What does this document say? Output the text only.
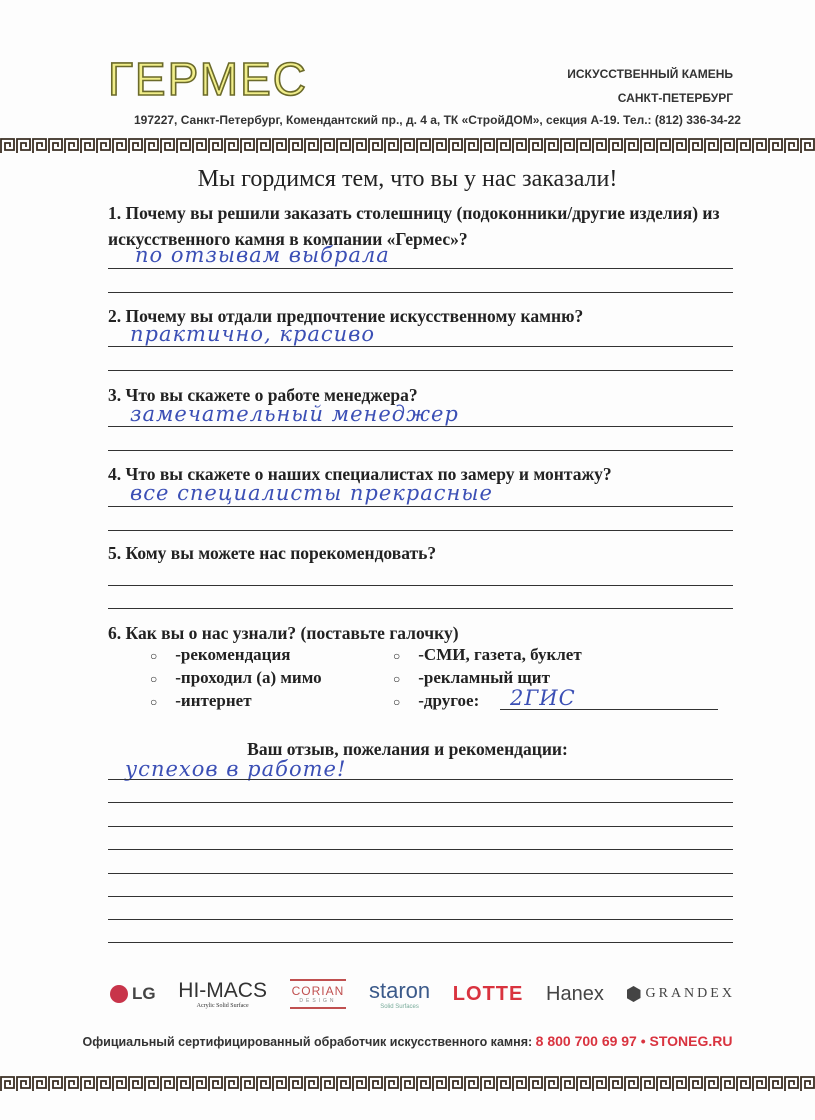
ГЕРМЕС	ИСКУССТВЕННЫЙ КАМЕНЬ
САНКТ-ПЕТЕРБУРГ
197227, Санкт-Петербург, Комендантский пр., д. 4 а, ТК «СтройДОМ», секция А-19. Тел.: (812) 336-34-22
Мы гордимся тем, что вы у нас заказали!
1. Почему вы решили заказать столешницу (подоконники/другие изделия) из искусственного камня в компании «Гермес»?
по отзывам выбрала
2. Почему вы отдали предпочтение искусственному камню?
практично, красиво
3. Что вы скажете о работе менеджера?
замечательный менеджер
4. Что вы скажете о наших специалистах по замеру и монтажу?
все специалисты прекрасные
5. Кому вы можете нас порекомендовать?
6. Как вы о нас узнали? (поставьте галочку)
○ -рекомендация
○ -проходил (а) мимо
○ -интернет
○ -СМИ, газета, буклет
○ -рекламный щит
○ -другое: 2ГИС
Ваш отзыв, пожелания и рекомендации:
успехов в работе!
LG HI-MACS
Acrylic Solid Surface
CORIAN
DESIGN	staron
Solid Surfaces
LOTTE Hanex	GRANDEX
Официальный сертифицированный обработчик искусственного камня: 8 800 700 69 97 • STONEG.RU
